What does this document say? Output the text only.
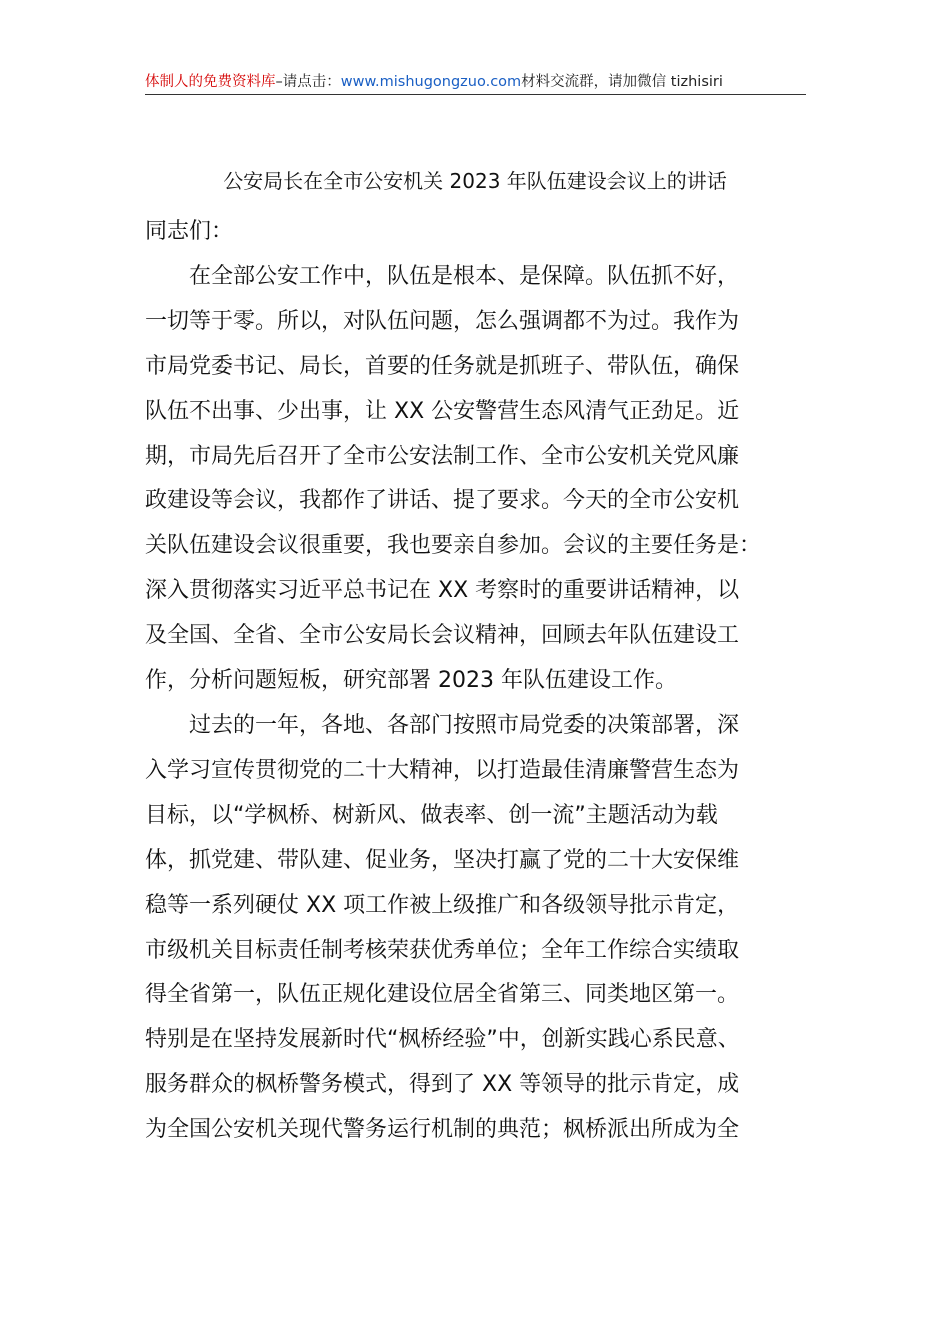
体制人的免费资料库–请点击：www.mishugongzuo.com材料交流群，请加微信 tizhisiri
公安局长在全市公安机关 2023 年队伍建设会议上的讲话

同志们：

在全部公安工作中，队伍是根本、是保障。队伍抓不好，
一切等于零。所以，对队伍问题，怎么强调都不为过。我作为
市局党委书记、局长，首要的任务就是抓班子、带队伍，确保
队伍不出事、少出事，让 XX 公安警营生态风清气正劲足。近
期，市局先后召开了全市公安法制工作、全市公安机关党风廉
政建设等会议，我都作了讲话、提了要求。今天的全市公安机
关队伍建设会议很重要，我也要亲自参加。会议的主要任务是：
深入贯彻落实习近平总书记在 XX 考察时的重要讲话精神，以
及全国、全省、全市公安局长会议精神，回顾去年队伍建设工
作，分析问题短板，研究部署 2023 年队伍建设工作。

过去的一年，各地、各部门按照市局党委的决策部署，深
入学习宣传贯彻党的二十大精神，以打造最佳清廉警营生态为
目标，以“学枫桥、树新风、做表率、创一流”主题活动为载
体，抓党建、带队建、促业务，坚决打赢了党的二十大安保维
稳等一系列硬仗 XX 项工作被上级推广和各级领导批示肯定，
市级机关目标责任制考核荣获优秀单位；全年工作综合实绩取
得全省第一，队伍正规化建设位居全省第三、同类地区第一。
特别是在坚持发展新时代“枫桥经验”中，创新实践心系民意、
服务群众的枫桥警务模式，得到了 XX 等领导的批示肯定，成
为全国公安机关现代警务运行机制的典范；枫桥派出所成为全
